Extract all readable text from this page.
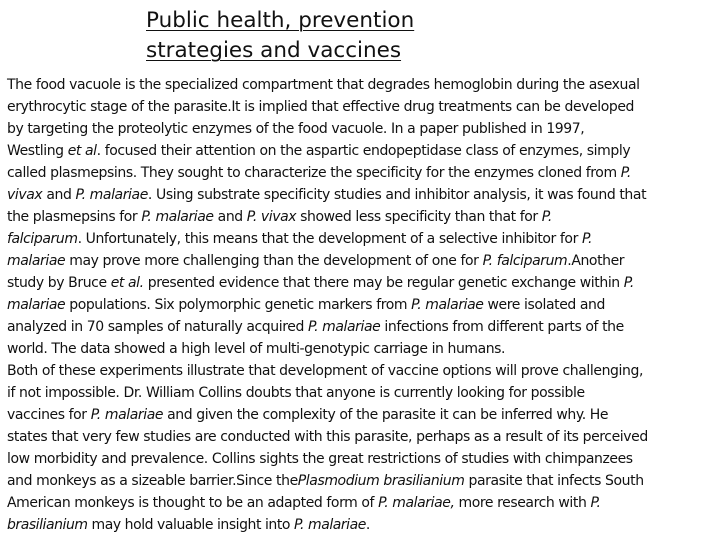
Public health, prevention
strategies and vaccines
The food vacuole is the specialized compartment that degrades hemoglobin during the asexual
erythrocytic stage of the parasite.It is implied that effective drug treatments can be developed
by targeting the proteolytic enzymes of the food vacuole. In a paper published in 1997,
Westling et al. focused their attention on the aspartic endopeptidase class of enzymes, simply
called plasmepsins. They sought to characterize the specificity for the enzymes cloned from P.
vivax and P. malariae. Using substrate specificity studies and inhibitor analysis, it was found that
the plasmepsins for P. malariae and P. vivax showed less specificity than that for P.
falciparum. Unfortunately, this means that the development of a selective inhibitor for P.
malariae may prove more challenging than the development of one for P. falciparum.Another
study by Bruce et al. presented evidence that there may be regular genetic exchange within P.
malariae populations. Six polymorphic genetic markers from P. malariae were isolated and
analyzed in 70 samples of naturally acquired P. malariae infections from different parts of the
world. The data showed a high level of multi-genotypic carriage in humans.
Both of these experiments illustrate that development of vaccine options will prove challenging,
if not impossible. Dr. William Collins doubts that anyone is currently looking for possible
vaccines for P. malariae and given the complexity of the parasite it can be inferred why. He
states that very few studies are conducted with this parasite, perhaps as a result of its perceived
low morbidity and prevalence. Collins sights the great restrictions of studies with chimpanzees
and monkeys as a sizeable barrier.Since thePlasmodium brasilianium parasite that infects South
American monkeys is thought to be an adapted form of P. malariae, more research with P.
brasilianium may hold valuable insight into P. malariae.
